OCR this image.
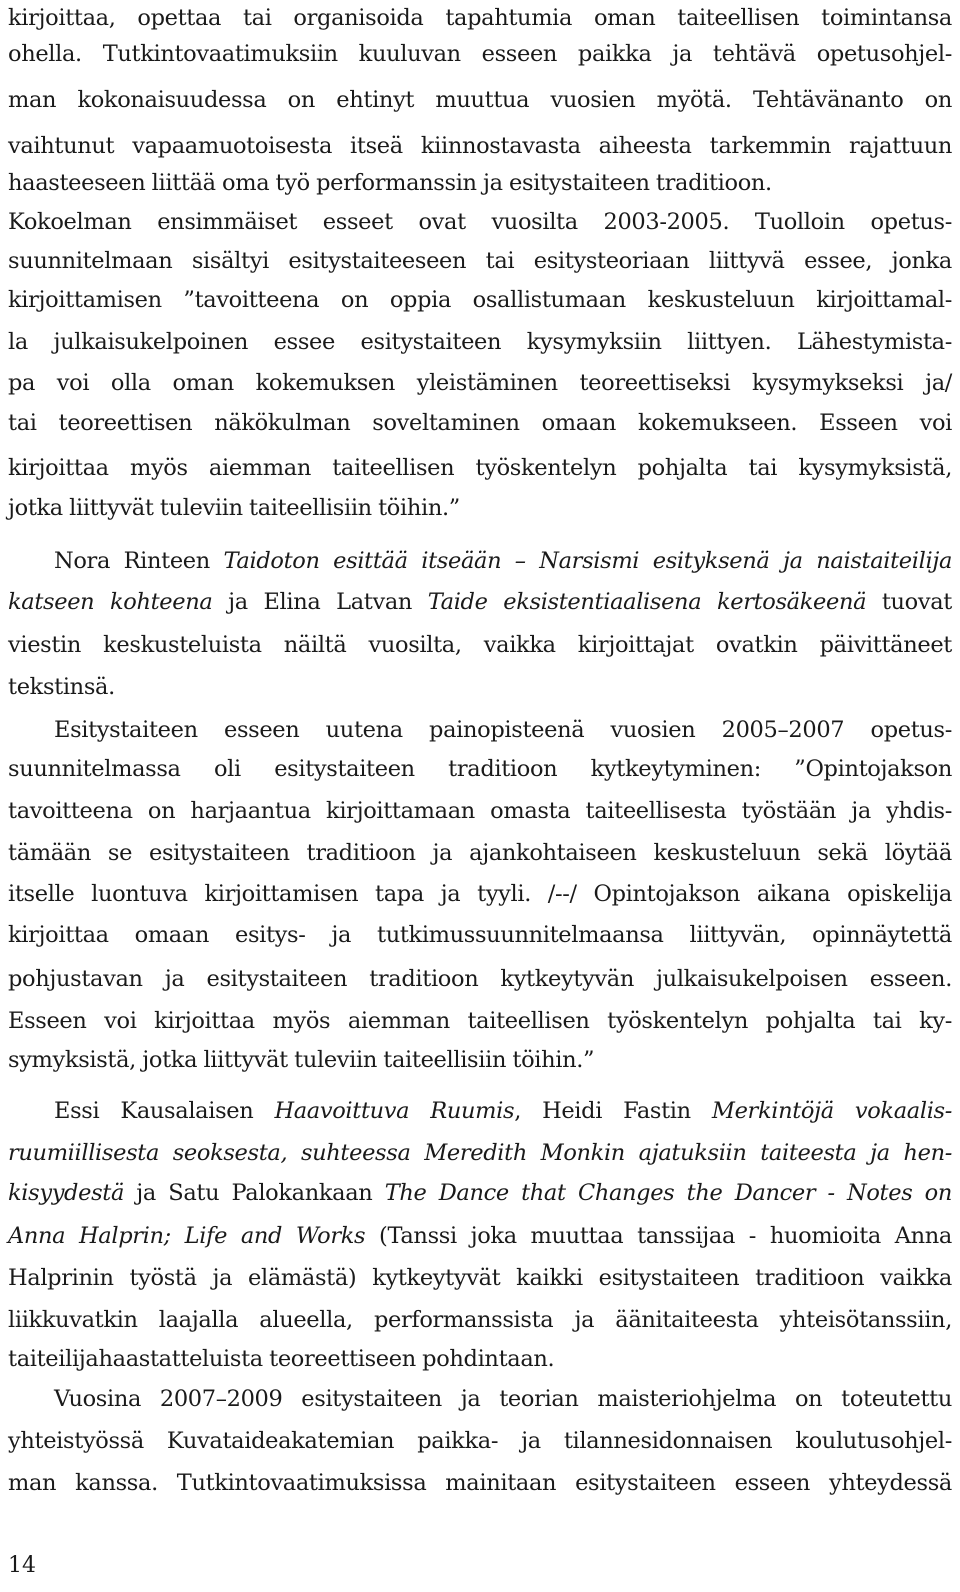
kirjoittaa, opettaa tai organisoida tapahtumia oman taiteellisen toimintansa
ohella. Tutkintovaatimuksiin kuuluvan esseen paikka ja tehtävä opetusohjel-
man kokonaisuudessa on ehtinyt muuttua vuosien myötä. Tehtävänanto on
vaihtunut vapaamuotoisesta itseä kiinnostavasta aiheesta tarkemmin rajattuun
haasteeseen liittää oma työ performanssin ja esitystaiteen traditioon.
Kokoelman ensimmäiset esseet ovat vuosilta 2003-2005. Tuolloin opetus-
suunnitelmaan sisältyi esitystaiteeseen tai esitysteoriaan liittyvä essee, jonka
kirjoittamisen ”tavoitteena on oppia osallistumaan keskusteluun kirjoittamal-
la julkaisukelpoinen essee esitystaiteen kysymyksiin liittyen. Lähestymista-
pa voi olla oman kokemuksen yleistäminen teoreettiseksi kysymykseksi ja/
tai teoreettisen näkökulman soveltaminen omaan kokemukseen. Esseen voi
kirjoittaa myös aiemman taiteellisen työskentelyn pohjalta tai kysymyksistä,
jotka liittyvät tuleviin taiteellisiin töihin.”
Nora Rinteen Taidoton esittää itseään – Narsismi esityksenä ja naistaiteilija
katseen kohteena ja Elina Latvan Taide eksistentiaalisena kertosäkeenä tuovat
viestin keskusteluista näiltä vuosilta, vaikka kirjoittajat ovatkin päivittäneet
tekstinsä.
Esitystaiteen esseen uutena painopisteenä vuosien 2005–2007 opetus-
suunnitelmassa oli esitystaiteen traditioon kytkeytyminen: ”Opintojakson
tavoitteena on harjaantua kirjoittamaan omasta taiteellisesta työstään ja yhdis-
tämään se esitystaiteen traditioon ja ajankohtaiseen keskusteluun sekä löytää
itselle luontuva kirjoittamisen tapa ja tyyli. /--/ Opintojakson aikana opiskelija
kirjoittaa omaan esitys- ja tutkimussuunnitelmaansa liittyvän, opinnäytettä
pohjustavan ja esitystaiteen traditioon kytkeytyvän julkaisukelpoisen esseen.
Esseen voi kirjoittaa myös aiemman taiteellisen työskentelyn pohjalta tai ky-
symyksistä, jotka liittyvät tuleviin taiteellisiin töihin.”
Essi Kausalaisen Haavoittuva Ruumis, Heidi Fastin Merkintöjä vokaalis-
ruumiillisesta seoksesta, suhteessa Meredith Monkin ajatuksiin taiteesta ja hen-
kisyydestä ja Satu Palokankaan The Dance that Changes the Dancer - Notes on
Anna Halprin; Life and Works (Tanssi joka muuttaa tanssijaa - huomioita Anna
Halprinin työstä ja elämästä) kytkeytyvät kaikki esitystaiteen traditioon vaikka
liikkuvatkin laajalla alueella, performanssista ja äänitaiteesta yhteisötanssiin,
taiteilijahaastatteluista teoreettiseen pohdintaan.
Vuosina 2007–2009 esitystaiteen ja teorian maisteriohjelma on toteutettu
yhteistyössä Kuvataideakatemian paikka- ja tilannesidonnaisen koulutusohjel-
man kanssa. Tutkintovaatimuksissa mainitaan esitystaiteen esseen yhteydessä
14
